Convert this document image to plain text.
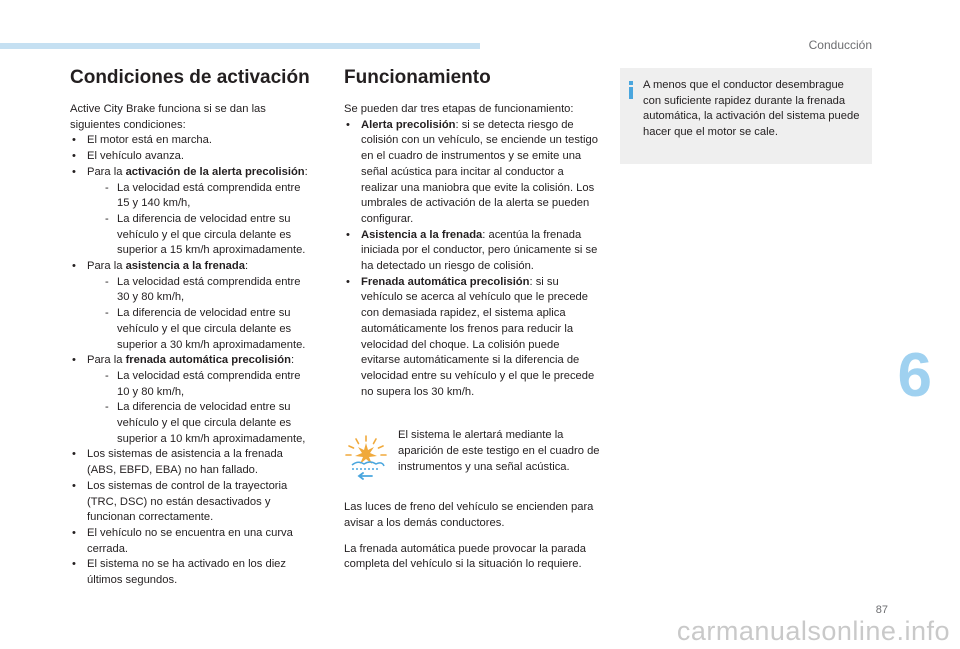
Conducción

6

Condiciones de activación

Active City Brake funciona si se dan las siguientes condiciones:

• El motor está en marcha.
• El vehículo avanza.
• Para la activación de la alerta precolisión:
- La velocidad está comprendida entre 15 y 140 km/h,
- La diferencia de velocidad entre su vehículo y el que circula delante es superior a 15 km/h aproximadamente.
• Para la asistencia a la frenada:
- La velocidad está comprendida entre 30 y 80 km/h,
- La diferencia de velocidad entre su vehículo y el que circula delante es superior a 30 km/h aproximadamente.
• Para la frenada automática precolisión:
- La velocidad está comprendida entre 10 y 80 km/h,
- La diferencia de velocidad entre su vehículo y el que circula delante es superior a 10 km/h aproximadamente,
• Los sistemas de asistencia a la frenada (ABS, EBFD, EBA) no han fallado.
• Los sistemas de control de la trayectoria (TRC, DSC) no están desactivados y funcionan correctamente.
• El vehículo no se encuentra en una curva cerrada.
• El sistema no se ha activado en los diez últimos segundos.
Funcionamiento

Se pueden dar tres etapas de funcionamiento:

• Alerta precolisión: si se detecta riesgo de colisión con un vehículo, se enciende un testigo en el cuadro de instrumentos y se emite una señal acústica para incitar al conductor a realizar una maniobra que evite la colisión. Los umbrales de activación de la alerta se pueden configurar.
• Asistencia a la frenada: acentúa la frenada iniciada por el conductor, pero únicamente si se ha detectado un riesgo de colisión.
• Frenada automática precolisión: si su vehículo se acerca al vehículo que le precede con demasiada rapidez, el sistema aplica automáticamente los frenos para reducir la velocidad del choque. La colisión puede evitarse automáticamente si la diferencia de velocidad entre su vehículo y el que le precede no supera los 30 km/h.

El sistema le alertará mediante la aparición de este testigo en el cuadro de instrumentos y una señal acústica.

Las luces de freno del vehículo se encienden para avisar a los demás conductores.

La frenada automática puede provocar la parada completa del vehículo si la situación lo requiere.

A menos que el conductor desembrague con suficiente rapidez durante la frenada automática, la activación del sistema puede hacer que el motor se cale.

87

carmanualsonline.info
